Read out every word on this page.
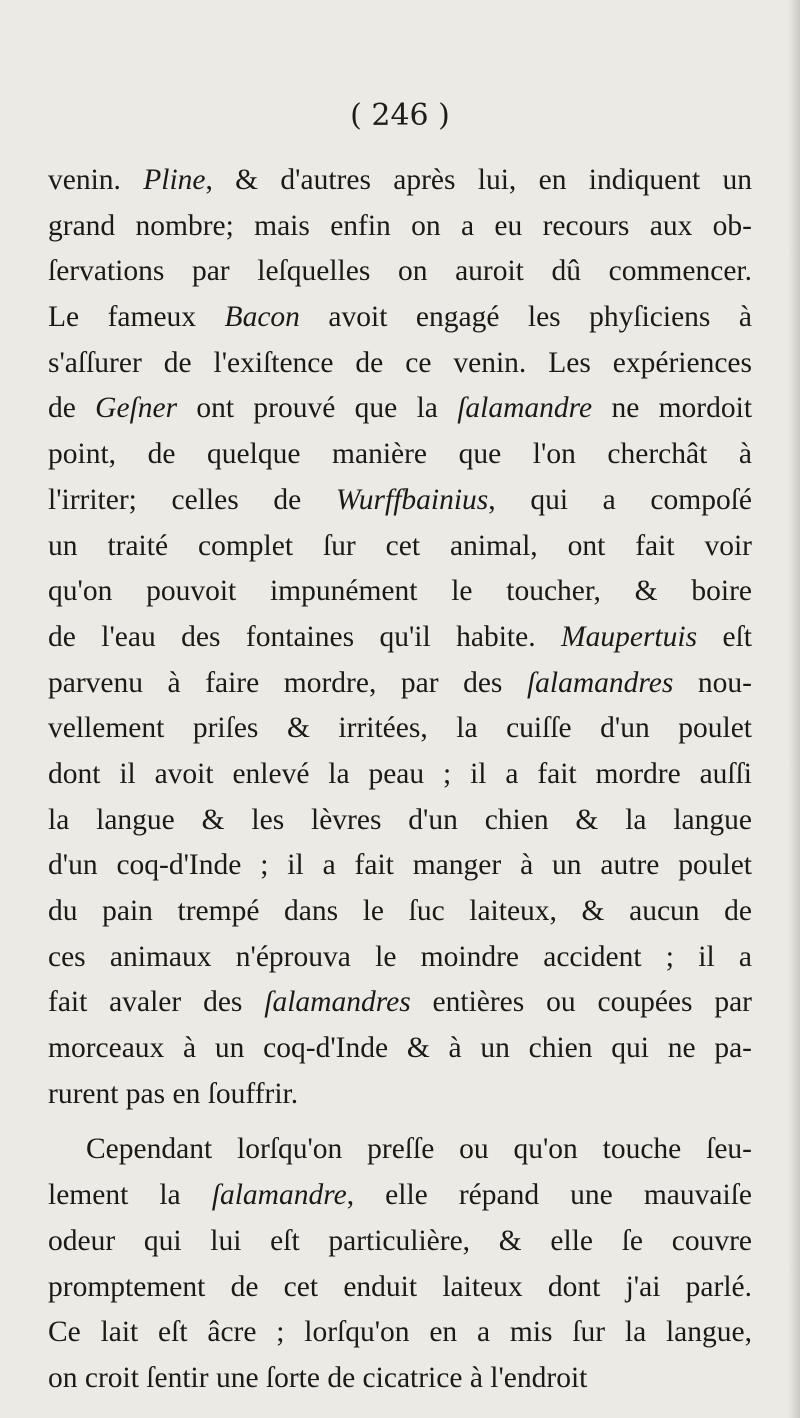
( 246 )
venin. Pline, & d'autres après lui, en indiquent un
grand nombre; mais enfin on a eu recours aux ob-
ſervations par leſquelles on auroit dû commencer.
Le fameux Bacon avoit engagé les phyſiciens à
s'aſſurer de l'exiſtence de ce venin. Les expériences
de Geſner ont prouvé que la ſalamandre ne mordoit
point, de quelque manière que l'on cherchât à
l'irriter; celles de Wurffbainius, qui a compoſé
un traité complet ſur cet animal, ont fait voir
qu'on pouvoit impunément le toucher, & boire
de l'eau des fontaines qu'il habite. Maupertuis eſt
parvenu à faire mordre, par des ſalamandres nou-
vellement priſes & irritées, la cuiſſe d'un poulet
dont il avoit enlevé la peau ; il a fait mordre auſſi
la langue & les lèvres d'un chien & la langue
d'un coq-d'Inde ; il a fait manger à un autre poulet
du pain trempé dans le ſuc laiteux, & aucun de
ces animaux n'éprouva le moindre accident ; il a
fait avaler des ſalamandres entières ou coupées par
morceaux à un coq-d'Inde & à un chien qui ne pa-
rurent pas en ſouffrir.
Cependant lorſqu'on preſſe ou qu'on touche ſeu-
lement la ſalamandre, elle répand une mauvaiſe
odeur qui lui eſt particulière, & elle ſe couvre
promptement de cet enduit laiteux dont j'ai parlé.
Ce lait eſt âcre ; lorſqu'on en a mis ſur la langue,
on croit ſentir une ſorte de cicatrice à l'endroit
